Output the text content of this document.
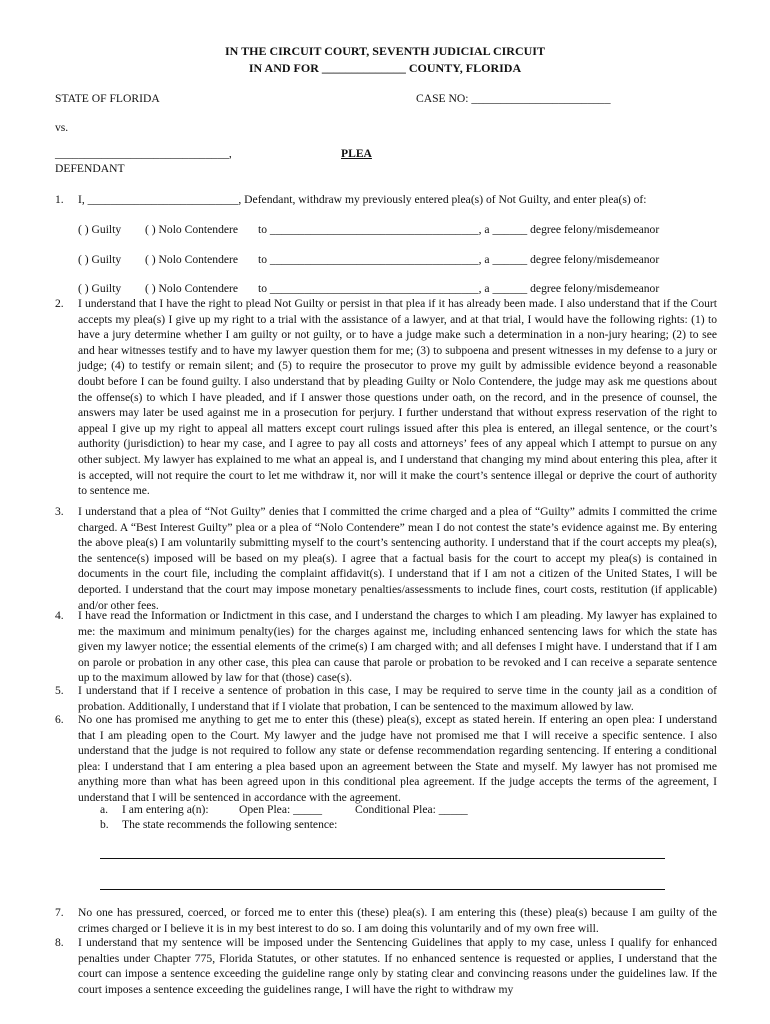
IN THE CIRCUIT COURT, SEVENTH JUDICIAL CIRCUIT
IN AND FOR ______________ COUNTY, FLORIDA
STATE OF FLORIDA	CASE NO: ________________________
vs.
______________________________,	PLEA
DEFENDANT
1. I, __________________________, Defendant, withdraw my previously entered plea(s) of Not Guilty, and enter plea(s) of:
( ) Guilty ( ) Nolo Contendere to ____________________________________, a ______ degree felony/misdemeanor
( ) Guilty ( ) Nolo Contendere to ____________________________________, a ______ degree felony/misdemeanor
( ) Guilty ( ) Nolo Contendere to ____________________________________, a ______ degree felony/misdemeanor
2. I understand that I have the right to plead Not Guilty or persist in that plea if it has already been made. I also understand that if the Court accepts my plea(s) I give up my right to a trial with the assistance of a lawyer, and at that trial, I would have the following rights: (1) to have a jury determine whether I am guilty or not guilty, or to have a judge make such a determination in a non-jury hearing; (2) to see and hear witnesses testify and to have my lawyer question them for me; (3) to subpoena and present witnesses in my defense to a jury or judge; (4) to testify or remain silent; and (5) to require the prosecutor to prove my guilt by admissible evidence beyond a reasonable doubt before I can be found guilty. I also understand that by pleading Guilty or Nolo Contendere, the judge may ask me questions about the offense(s) to which I have pleaded, and if I answer those questions under oath, on the record, and in the presence of counsel, the answers may later be used against me in a prosecution for perjury. I further understand that without express reservation of the right to appeal I give up my right to appeal all matters except court rulings issued after this plea is entered, an illegal sentence, or the court’s authority (jurisdiction) to hear my case, and I agree to pay all costs and attorneys’ fees of any appeal which I attempt to pursue on any other subject. My lawyer has explained to me what an appeal is, and I understand that changing my mind about entering this plea, after it is accepted, will not require the court to let me withdraw it, nor will it make the court’s sentence illegal or deprive the court of authority to sentence me.
3. I understand that a plea of “Not Guilty” denies that I committed the crime charged and a plea of “Guilty” admits I committed the crime charged. A “Best Interest Guilty” plea or a plea of “Nolo Contendere” mean I do not contest the state’s evidence against me. By entering the above plea(s) I am voluntarily submitting myself to the court’s sentencing authority. I understand that if the court accepts my plea(s), the sentence(s) imposed will be based on my plea(s). I agree that a factual basis for the court to accept my plea(s) is contained in documents in the court file, including the complaint affidavit(s). I understand that if I am not a citizen of the United States, I will be deported. I understand that the court may impose monetary penalties/assessments to include fines, court costs, restitution (if applicable) and/or other fees.
4. I have read the Information or Indictment in this case, and I understand the charges to which I am pleading. My lawyer has explained to me: the maximum and minimum penalty(ies) for the charges against me, including enhanced sentencing laws for which the state has given my lawyer notice; the essential elements of the crime(s) I am charged with; and all defenses I might have. I understand that if I am on parole or probation in any other case, this plea can cause that parole or probation to be revoked and I can receive a separate sentence up to the maximum allowed by law for that (those) case(s).
5. I understand that if I receive a sentence of probation in this case, I may be required to serve time in the county jail as a condition of probation. Additionally, I understand that if I violate that probation, I can be sentenced to the maximum allowed by law.
6. No one has promised me anything to get me to enter this (these) plea(s), except as stated herein. If entering an open plea: I understand that I am pleading open to the Court. My lawyer and the judge have not promised me that I will receive a specific sentence. I also understand that the judge is not required to follow any state or defense recommendation regarding sentencing. If entering a conditional plea: I understand that I am entering a plea based upon an agreement between the State and myself. My lawyer has not promised me anything more than what has been agreed upon in this conditional plea agreement. If the judge accepts the terms of the agreement, I understand that I will be sentenced in accordance with the agreement.
a. I am entering a(n):	Open Plea: _____	Conditional Plea: _____
b. The state recommends the following sentence:
7. No one has pressured, coerced, or forced me to enter this (these) plea(s). I am entering this (these) plea(s) because I am guilty of the crimes charged or I believe it is in my best interest to do so. I am doing this voluntarily and of my own free will.
8. I understand that my sentence will be imposed under the Sentencing Guidelines that apply to my case, unless I qualify for enhanced penalties under Chapter 775, Florida Statutes, or other statutes. If no enhanced sentence is requested or applies, I understand that the court can impose a sentence exceeding the guideline range only by stating clear and convincing reasons under the guidelines law. If the court imposes a sentence exceeding the guidelines range, I will have the right to withdraw my
